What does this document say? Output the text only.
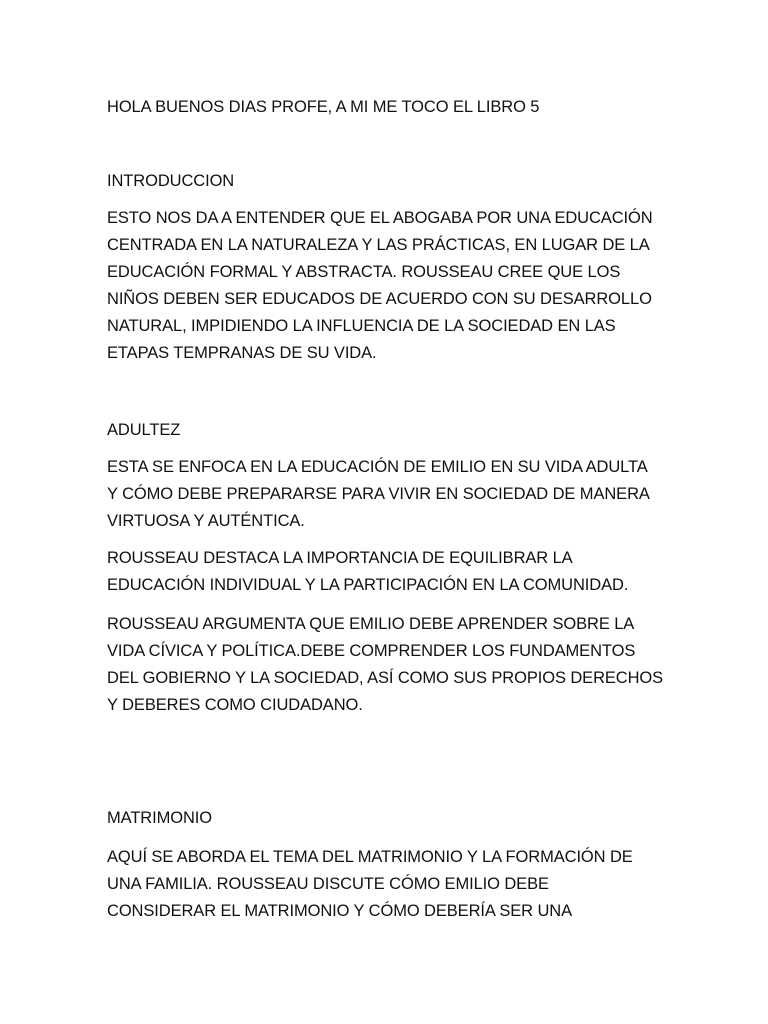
HOLA BUENOS DIAS PROFE, A MI ME TOCO EL LIBRO 5

INTRODUCCION

ESTO NOS DA A ENTENDER QUE EL ABOGABA POR UNA EDUCACIÓN

CENTRADA EN LA NATURALEZA Y LAS PRÁCTICAS, EN LUGAR DE LA

EDUCACIÓN FORMAL Y ABSTRACTA. ROUSSEAU CREE QUE LOS

NIÑOS DEBEN SER EDUCADOS DE ACUERDO CON SU DESARROLLO

NATURAL, IMPIDIENDO LA INFLUENCIA DE LA SOCIEDAD EN LAS

ETAPAS TEMPRANAS DE SU VIDA.

ADULTEZ

ESTA SE ENFOCA EN LA EDUCACIÓN DE EMILIO EN SU VIDA ADULTA

Y CÓMO DEBE PREPARARSE PARA VIVIR EN SOCIEDAD DE MANERA

VIRTUOSA Y AUTÉNTICA.

ROUSSEAU DESTACA LA IMPORTANCIA DE EQUILIBRAR LA

EDUCACIÓN INDIVIDUAL Y LA PARTICIPACIÓN EN LA COMUNIDAD.

ROUSSEAU ARGUMENTA QUE EMILIO DEBE APRENDER SOBRE LA

VIDA CÍVICA Y POLÍTICA.DEBE COMPRENDER LOS FUNDAMENTOS

DEL GOBIERNO Y LA SOCIEDAD, ASÍ COMO SUS PROPIOS DERECHOS

Y DEBERES COMO CIUDADANO.

MATRIMONIO

AQUÍ SE ABORDA EL TEMA DEL MATRIMONIO Y LA FORMACIÓN DE

UNA FAMILIA. ROUSSEAU DISCUTE CÓMO EMILIO DEBE

CONSIDERAR EL MATRIMONIO Y CÓMO DEBERÍA SER UNA
